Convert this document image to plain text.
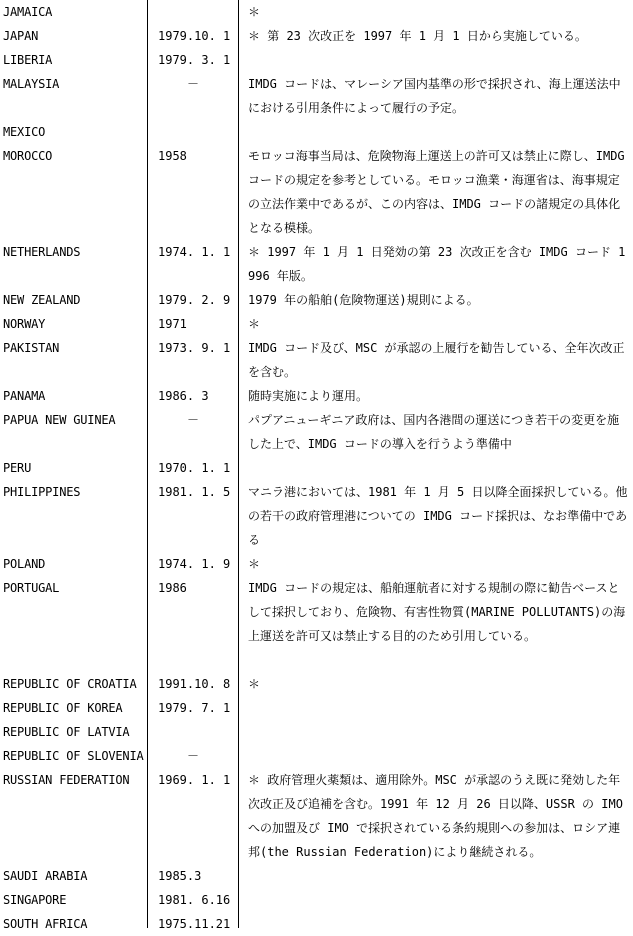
JAMAICA	＊
JAPAN	1979.10. 1	＊ 第 23 次改正を 1997 年 1 月 1 日から実施している。
LIBERIA	1979. 3. 1
MALAYSIA	－	IMDG コードは、マレーシア国内基準の形で採択され、海上運送法中における引用条件によって履行の予定。
MEXICO
MOROCCO	1958	モロッコ海事当局は、危険物海上運送上の許可又は禁止に際し、IMDG コードの規定を参考としている。モロッコ漁業・海運省は、海事規定の立法作業中であるが、この内容は、IMDG コードの諸規定の具体化となる模様。
NETHERLANDS	1974. 1. 1	＊ 1997 年 1 月 1 日発効の第 23 次改正を含む IMDG コード 1996 年版。
NEW ZEALAND	1979. 2. 9	1979 年の船舶(危険物運送)規則による。
NORWAY	1971	＊
PAKISTAN	1973. 9. 1	IMDG コード及び、MSC が承認の上履行を勧告している、全年次改正を含む。
PANAMA	1986. 3	随時実施により運用。
PAPUA NEW GUINEA	－	パプアニューギニア政府は、国内各港間の運送につき若干の変更を施した上で、IMDG コードの導入を行うよう準備中
PERU	1970. 1. 1
PHILIPPINES	1981. 1. 5	マニラ港においては、1981 年 1 月 5 日以降全面採択している。他の若干の政府管理港についての IMDG コード採択は、なお準備中である
POLAND	1974. 1. 9	＊
PORTUGAL	1986	IMDG コードの規定は、船舶運航者に対する規制の際に勧告ベースとして採択しており、危険物、有害性物質(MARINE POLLUTANTS)の海上運送を許可又は禁止する目的のため引用している。
REPUBLIC OF CROATIA	1991.10. 8	＊
REPUBLIC OF KOREA	1979. 7. 1
REPUBLIC OF LATVIA
REPUBLIC OF SLOVENIA	－
RUSSIAN FEDERATION	1969. 1. 1	＊ 政府管理火薬類は、適用除外。MSC が承認のうえ既に発効した年次改正及び追補を含む。1991 年 12 月 26 日以降、USSR の IMO への加盟及び IMO で採択されている条約規則への参加は、ロシア連邦(the Russian Federation)により継続される。
SAUDI ARABIA	1985.3
SINGAPORE	1981. 6.16
SOUTH AFRICA	1975.11.21
